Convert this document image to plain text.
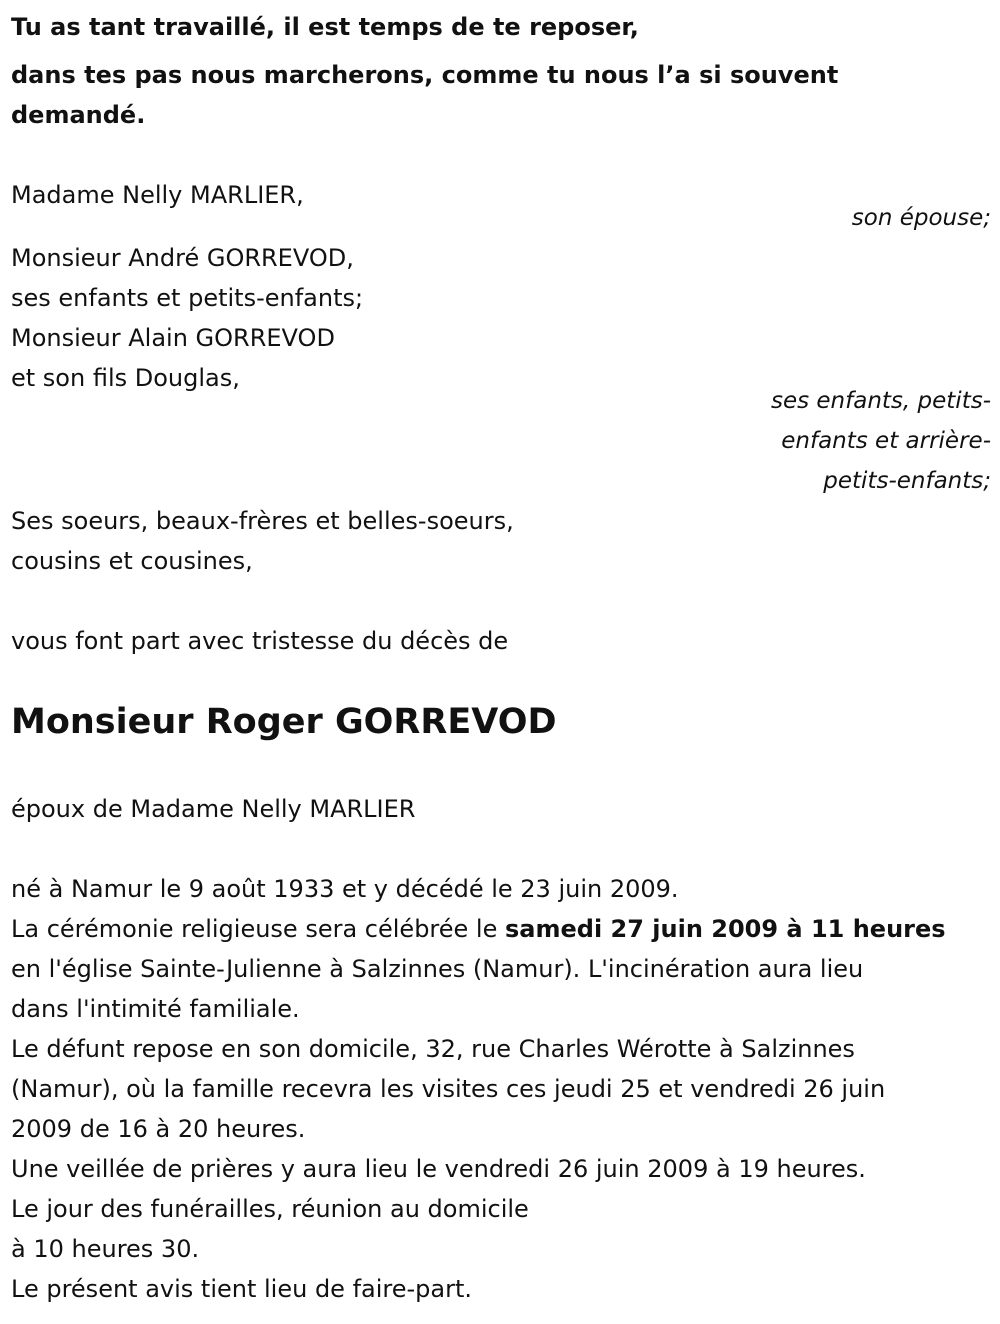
Tu as tant travaillé, il est temps de te reposer,
dans tes pas nous marcherons, comme tu nous l’a si souvent
demandé.
Madame Nelly MARLIER,
son épouse;
Monsieur André GORREVOD,
ses enfants et petits-enfants;
Monsieur Alain GORREVOD
et son fils Douglas,
ses enfants, petits-
enfants et arrière-
petits-enfants;
Ses soeurs, beaux-frères et belles-soeurs,
cousins et cousines,
vous font part avec tristesse du décès de
Monsieur Roger GORREVOD
époux de Madame Nelly MARLIER
né à Namur le 9 août 1933 et y décédé le 23 juin 2009.
La cérémonie religieuse sera célébrée le samedi 27 juin 2009 à 11 heures
en l'église Sainte-Julienne à Salzinnes (Namur). L'incinération aura lieu
dans l'intimité familiale.
Le défunt repose en son domicile, 32, rue Charles Wérotte à Salzinnes
(Namur), où la famille recevra les visites ces jeudi 25 et vendredi 26 juin
2009 de 16 à 20 heures.
Une veillée de prières y aura lieu le vendredi 26 juin 2009 à 19 heures.
Le jour des funérailles, réunion au domicile
à 10 heures 30.
Le présent avis tient lieu de faire-part.
